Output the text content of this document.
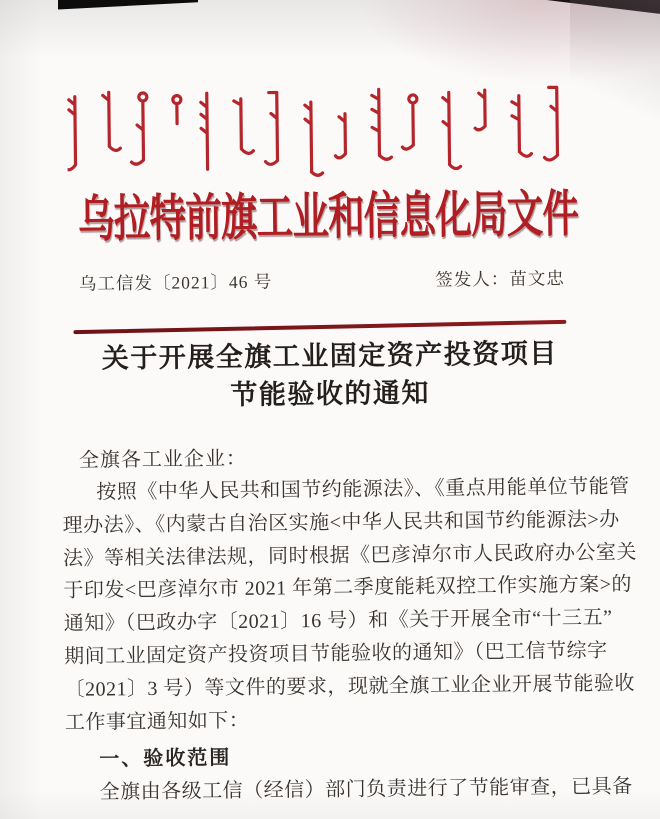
乌拉特前旗工业和信息化局文件
乌工信发〔2021〕46 号	签发人：苗文忠
关于开展全旗工业固定资产投资项目
节能验收的通知
全旗各工业企业：
按照《中华人民共和国节约能源法》、《重点用能单位节能管
理办法》、《内蒙古自治区实施<中华人民共和国节约能源法>办
法》等相关法律法规，同时根据《巴彦淖尔市人民政府办公室关
于印发<巴彦淖尔市 2021 年第二季度能耗双控工作实施方案>的
通知》（巴政办字〔2021〕16 号）和《关于开展全市“十三五”
期间工业固定资产投资项目节能验收的通知》（巴工信节综字
〔2021〕3 号）等文件的要求，现就全旗工业企业开展节能验收
工作事宜通知如下：
一、验收范围
全旗由各级工信（经信）部门负责进行了节能审查，已具备
